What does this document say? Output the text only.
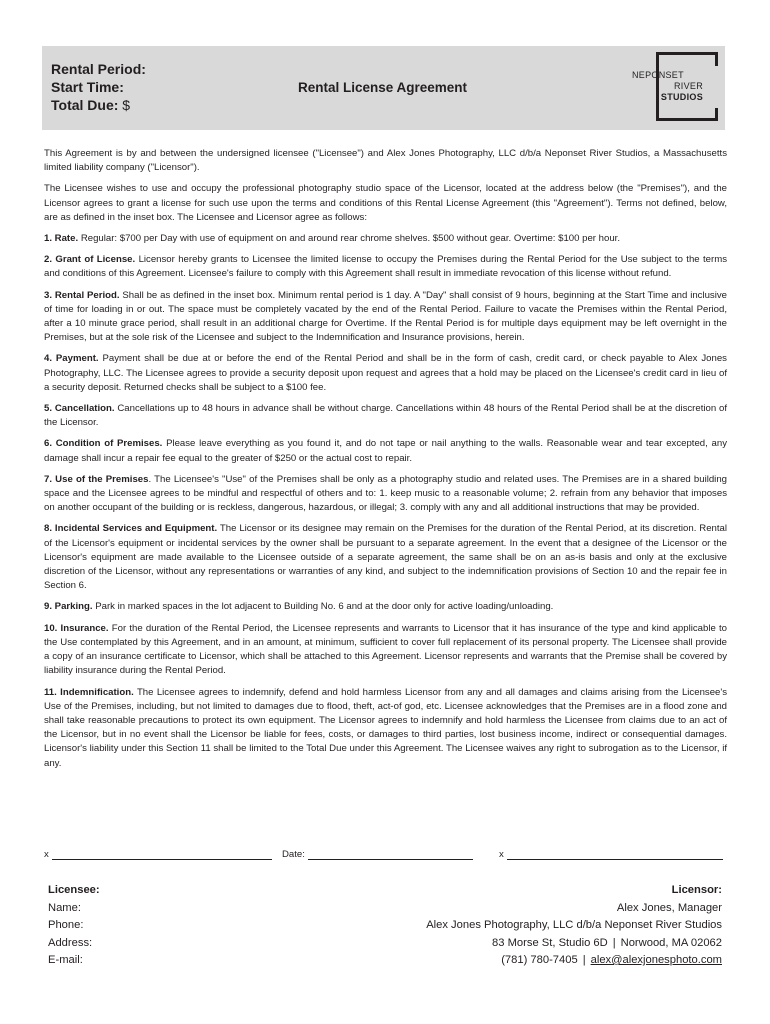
Rental Period:
Start Time:
Total Due: $
Rental License Agreement
NEPONSET
RIVER
STUDIOS

This Agreement is by and between the undersigned licensee ("Licensee") and Alex Jones Photography, LLC d/b/a Neponset River Studios, a Massachusetts limited liability company ("Licensor").

The Licensee wishes to use and occupy the professional photography studio space of the Licensor, located at the address below (the "Premises"), and the Licensor agrees to grant a license for such use upon the terms and conditions of this Rental License Agreement (this "Agreement"). Terms not defined, below, are as defined in the inset box. The Licensee and Licensor agree as follows:

1. Rate. Regular: $700 per Day with use of equipment on and around rear chrome shelves. $500 without gear. Overtime: $100 per hour.

2. Grant of License. Licensor hereby grants to Licensee the limited license to occupy the Premises during the Rental Period for the Use subject to the terms and conditions of this Agreement. Licensee's failure to comply with this Agreement shall result in immediate revocation of this license without refund.

3. Rental Period. Shall be as defined in the inset box. Minimum rental period is 1 day. A "Day" shall consist of 9 hours, beginning at the Start Time and inclusive of time for loading in or out. The space must be completely vacated by the end of the Rental Period. Failure to vacate the Premises within the Rental Period, after a 10 minute grace period, shall result in an additional charge for Overtime. If the Rental Period is for multiple days equipment may be left overnight in the Premises, but at the sole risk of the Licensee and subject to the Indemnification and Insurance provisions, herein.

4. Payment. Payment shall be due at or before the end of the Rental Period and shall be in the form of cash, credit card, or check payable to Alex Jones Photography, LLC. The Licensee agrees to provide a security deposit upon request and agrees that a hold may be placed on the Licensee's credit card in lieu of a security deposit. Returned checks shall be subject to a $100 fee.

5. Cancellation. Cancellations up to 48 hours in advance shall be without charge. Cancellations within 48 hours of the Rental Period shall be at the discretion of the Licensor.

6. Condition of Premises. Please leave everything as you found it, and do not tape or nail anything to the walls. Reasonable wear and tear excepted, any damage shall incur a repair fee equal to the greater of $250 or the actual cost to repair.

7. Use of the Premises. The Licensee's "Use" of the Premises shall be only as a photography studio and related uses. The Premises are in a shared building space and the Licensee agrees to be mindful and respectful of others and to: 1. keep music to a reasonable volume; 2. refrain from any behavior that imposes on another occupant of the building or is reckless, dangerous, hazardous, or illegal; 3. comply with any and all additional instructions that may be provided.

8. Incidental Services and Equipment. The Licensor or its designee may remain on the Premises for the duration of the Rental Period, at its discretion. Rental of the Licensor's equipment or incidental services by the owner shall be pursuant to a separate agreement. In the event that a designee of the Licensor or the Licensor's equipment are made available to the Licensee outside of a separate agreement, the same shall be on an as-is basis and only at the exclusive discretion of the Licensor, without any representations or warranties of any kind, and subject to the indemnification provisions of Section 10 and the repair fee in Section 6.

9. Parking. Park in marked spaces in the lot adjacent to Building No. 6 and at the door only for active loading/unloading.

10. Insurance. For the duration of the Rental Period, the Licensee represents and warrants to Licensor that it has insurance of the type and kind applicable to the Use contemplated by this Agreement, and in an amount, at minimum, sufficient to cover full replacement of its personal property. The Licensee shall provide a copy of an insurance certificate to Licensor, which shall be attached to this Agreement. Licensor represents and warrants that the Premise shall be covered by liability insurance during the Rental Period.

11. Indemnification. The Licensee agrees to indemnify, defend and hold harmless Licensor from any and all damages and claims arising from the Licensee's Use of the Premises, including, but not limited to damages due to flood, theft, act-of god, etc. Licensee acknowledges that the Premises are in a flood zone and shall take reasonable precautions to protect its own equipment. The Licensor agrees to indemnify and hold harmless the Licensee from claims due to an act of the Licensor, but in no event shall the Licensor be liable for fees, costs, or damages to third parties, lost business income, indirect or consequential damages. Licensor's liability under this Section 11 shall be limited to the Total Due under this Agreement. The Licensee waives any right to subrogation as to the Licensor, if any.

x	Date:	x
Licensee:
Name:
Phone:
Address:
E-mail:
Licensor:
Alex Jones, Manager
Alex Jones Photography, LLC d/b/a Neponset River Studios
83 Morse St, Studio 6D | Norwood, MA 02062
(781) 780-7405 | alex@alexjonesphoto.com
